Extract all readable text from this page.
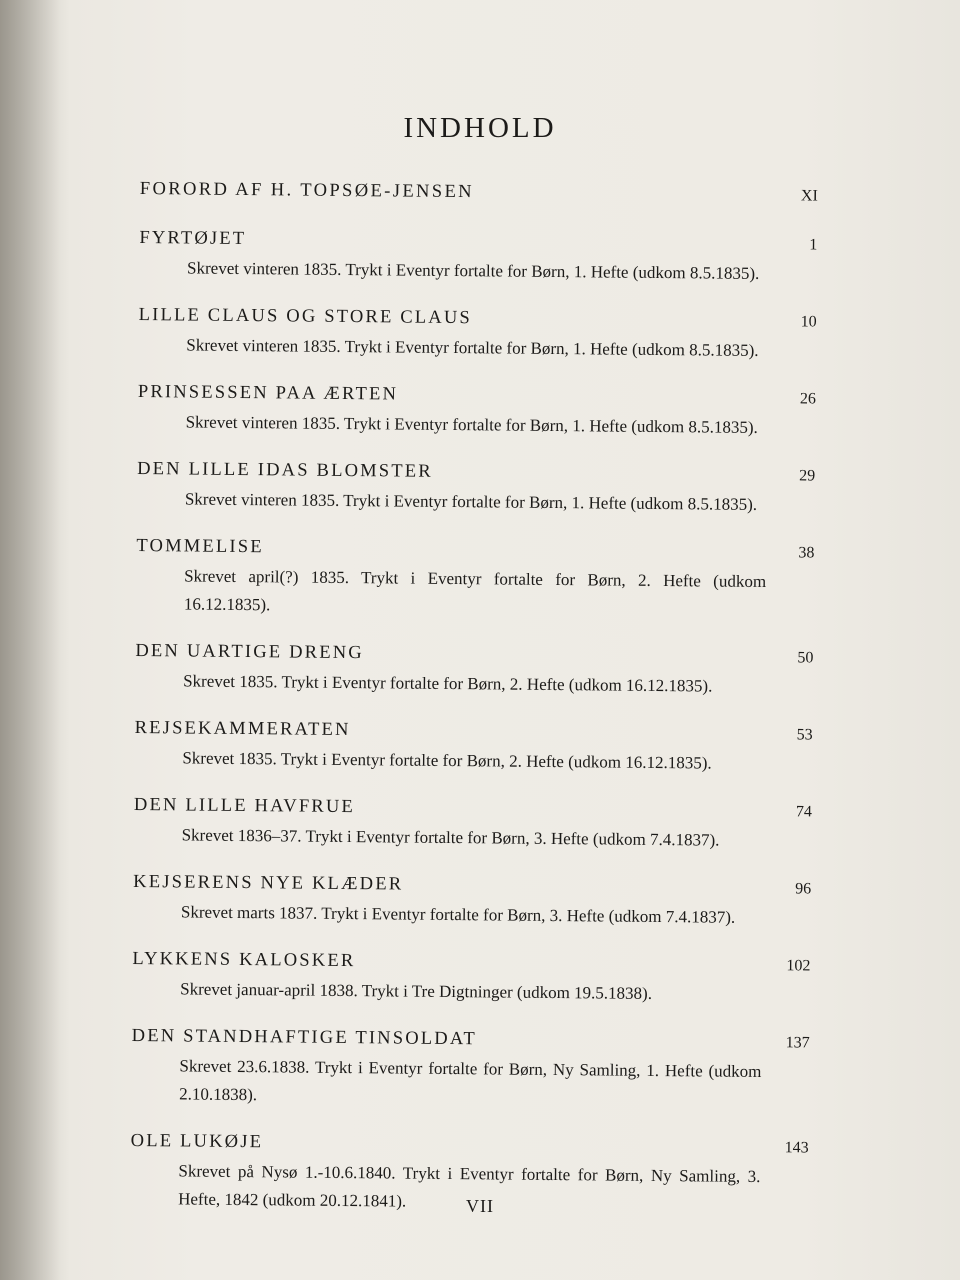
INDHOLD
FORORD AF H. TOPSØE-JENSEN	XI
FYRTØJET	1
Skrevet vinteren 1835. Trykt i Eventyr fortalte for Børn, 1. Hefte (udkom 8.5.1835).
LILLE CLAUS OG STORE CLAUS	10
Skrevet vinteren 1835. Trykt i Eventyr fortalte for Børn, 1. Hefte (udkom 8.5.1835).
PRINSESSEN PAA ÆRTEN	26
Skrevet vinteren 1835. Trykt i Eventyr fortalte for Børn, 1. Hefte (udkom 8.5.1835).
DEN LILLE IDAS BLOMSTER	29
Skrevet vinteren 1835. Trykt i Eventyr fortalte for Børn, 1. Hefte (udkom 8.5.1835).
TOMMELISE	38
Skrevet april(?) 1835. Trykt i Eventyr fortalte for Børn, 2. Hefte (udkom 16.12.1835).
DEN UARTIGE DRENG	50
Skrevet 1835. Trykt i Eventyr fortalte for Børn, 2. Hefte (udkom 16.12.1835).
REJSEKAMMERATEN	53
Skrevet 1835. Trykt i Eventyr fortalte for Børn, 2. Hefte (udkom 16.12.1835).
DEN LILLE HAVFRUE	74
Skrevet 1836–37. Trykt i Eventyr fortalte for Børn, 3. Hefte (udkom 7.4.1837).
KEJSERENS NYE KLÆDER	96
Skrevet marts 1837. Trykt i Eventyr fortalte for Børn, 3. Hefte (udkom 7.4.1837).
LYKKENS KALOSKER	102
Skrevet januar-april 1838. Trykt i Tre Digtninger (udkom 19.5.1838).
DEN STANDHAFTIGE TINSOLDAT	137
Skrevet 23.6.1838. Trykt i Eventyr fortalte for Børn, Ny Samling, 1. Hefte (udkom 2.10.1838).
OLE LUKØJE	143
Skrevet på Nysø 1.-10.6.1840. Trykt i Eventyr fortalte for Børn, Ny Samling, 3. Hefte, 1842 (udkom 20.12.1841).	VII
